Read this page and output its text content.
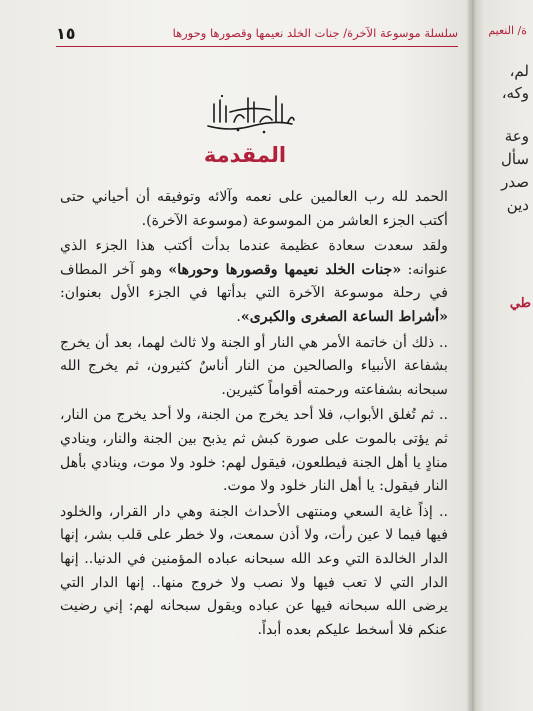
سلسلة موسوعة الآخرة/ جنات الخلد نعيمها وقصورها وحورها
١٥
المقدمة

الحمد لله رب العالمين على نعمه وآلائه وتوفيقه أن أحياني حتى أكتب الجزء العاشر من الموسوعة (موسوعة الآخرة).

ولقد سعدت سعادة عظيمة عندما بدأت أكتب هذا الجزء الذي عنوانه: «جنات الخلد نعيمها وقصورها وحورها» وهو آخر المطاف في رحلة موسوعة الآخرة التي بدأتها في الجزء الأول بعنوان: «أشراط الساعة الصغرى والكبرى».

.. ذلك أن خاتمة الأمر هي النار أو الجنة ولا ثالث لهما، بعد أن يخرج بشفاعة الأنبياء والصالحين من النار أناسٌ كثيرون، ثم يخرج الله سبحانه بشفاعته ورحمته أقواماً كثيرين.

.. ثم تُغلق الأبواب، فلا أحد يخرج من الجنة، ولا أحد يخرج من النار، ثم يؤتى بالموت على صورة كبش ثم يذبح بين الجنة والنار، وينادي منادٍ يا أهل الجنة فيطلعون، فيقول لهم: خلود ولا موت، وينادي بأهل النار فيقول: يا أهل النار خلود ولا موت.

.. إذاً غاية السعي ومنتهى الأحداث الجنة وهي دار القرار، والخلود فيها فيما لا عين رأت، ولا أذن سمعت، ولا خطر على قلب بشر، إنها الدار الخالدة التي وعد الله سبحانه عباده المؤمنين في الدنيا.. إنها الدار التي لا تعب فيها ولا نصب ولا خروج منها.. إنها الدار التي يرضى الله سبحانه فيها عن عباده ويقول سبحانه لهم: إني رضيت عنكم فلا أسخط عليكم بعده أبداً.

ة/ النعيم
لم،
وكه،
وعة
سأل
صدر
دين
طي
